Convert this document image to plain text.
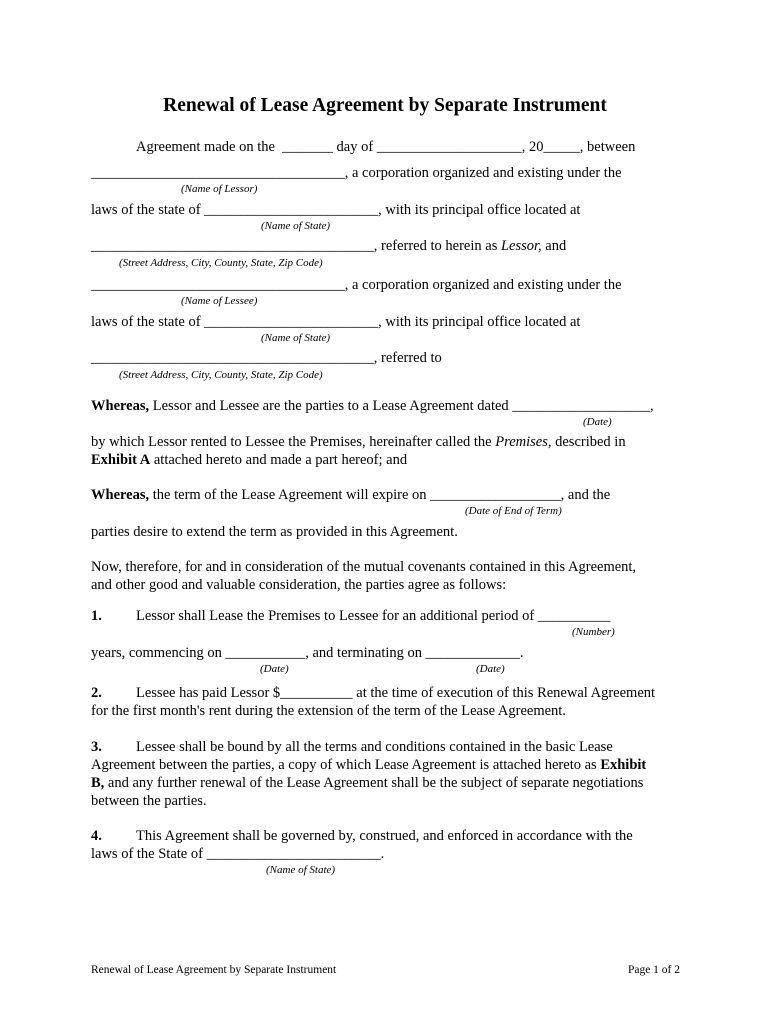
Renewal of Lease Agreement by Separate Instrument
Agreement made on the  _______ day of ____________________, 20_____, between
___________________________________, a corporation organized and existing under the
(Name of Lessor)
laws of the state of ________________________, with its principal office located at
(Name of State)
_______________________________________, referred to herein as Lessor, and
(Street Address, City, County, State, Zip Code)
___________________________________, a corporation organized and existing under the
(Name of Lessee)
laws of the state of ________________________, with its principal office located at
(Name of State)
_______________________________________, referred to
(Street Address, City, County, State, Zip Code)
Whereas, Lessor and Lessee are the parties to a Lease Agreement dated ___________________,
(Date)
by which Lessor rented to Lessee the Premises, hereinafter called the Premises, described in
Exhibit A attached hereto and made a part hereof; and
Whereas, the term of the Lease Agreement will expire on __________________, and the
(Date of End of Term)
parties desire to extend the term as provided in this Agreement.
Now, therefore, for and in consideration of the mutual covenants contained in this Agreement,
and other good and valuable consideration, the parties agree as follows:
1. Lessor shall Lease the Premises to Lessee for an additional period of __________
(Number)
years, commencing on ___________, and terminating on _____________.
(Date)	(Date)
2. Lessee has paid Lessor $__________ at the time of execution of this Renewal Agreement
for the first month's rent during the extension of the term of the Lease Agreement.
3. Lessee shall be bound by all the terms and conditions contained in the basic Lease
Agreement between the parties, a copy of which Lease Agreement is attached hereto as Exhibit
B, and any further renewal of the Lease Agreement shall be the subject of separate negotiations
between the parties.
4. This Agreement shall be governed by, construed, and enforced in accordance with the
laws of the State of ________________________.
(Name of State)
Renewal of Lease Agreement by Separate Instrument	Page 1 of 2
